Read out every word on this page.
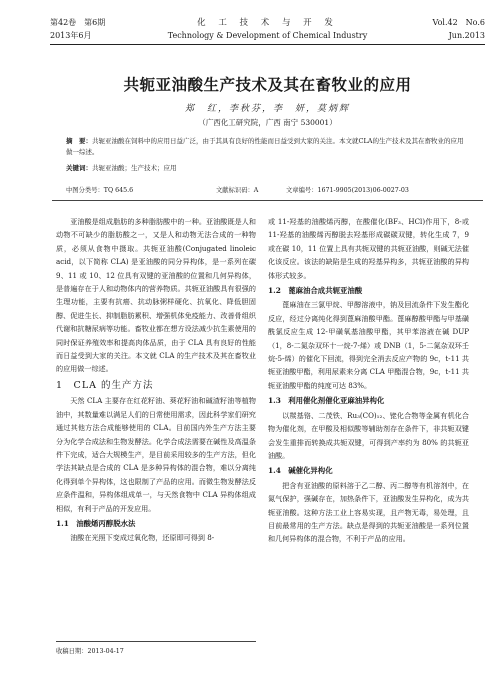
第42卷　第6期	化 工 技 术 与 开 发	Vol.42　No.6
2013年6月	Technology & Development of Chemical Industry	Jun.2013
共轭亚油酸生产技术及其在畜牧业的应用
郑　红，李秋芬，李　妍，莫炳辉
（广西化工研究院，广西 南宁 530001）
摘　要：共轭亚油酸在饲料中的应用日益广泛，由于其具有良好的性能而日益受到大家的关注。本文就CLA的生产技术及其在畜牧业的应用做一综述。
关键词：共轭亚油酸；生产技术；应用
中图分类号：TQ 645.6	文献标识码：A	文章编号：1671-9905(2013)06-0027-03

亚油酸是组成脂肪的多种脂肪酸中的一种。亚油酸既是人和动物不可缺少的脂肪酸之一，又是人和动物无法合成的一种物质，必须从食物中摄取。共轭亚油酸(Conjugated linoleic acid，以下简称 CLA) 是亚油酸的同分异构体，是一系列在碳 9、11 或 10、12 位具有双键的亚油酸的位置和几何异构体，是普遍存在于人和动物体内的营养物质。共轭亚油酸具有很强的生理功能，主要有抗癌、抗动脉粥样硬化、抗氧化、降低胆固醇、促进生长、抑制脂肪累积、增强机体免疫能力、改善骨组织代谢和抗糖尿病等功能。畜牧业都在想方设法减少抗生素使用的同时保证养殖效率和提高肉体品质，由于 CLA 具有良好的性能而日益受到大家的关注。本文就 CLA 的生产技术及其在畜牧业的应用做一综述。

1　CLA 的生产方法

天然 CLA 主要存在红花籽油、葵花籽油和碱渣籽油等植物油中，其数量难以满足人们的日常使用需求，因此科学家们研究通过其他方法合成能够使用的 CLA。目前国内外生产方法主要分为化学合成法和生物发酵法。化学合成法需要在碱性及高温条件下完成，适合大规模生产，是目前采用较多的生产方法，但化学法其缺点是合成的 CLA 是多种异构体的混合物，难以分离纯化得到单个异构体，这也限制了产品的应用。而微生物发酵法反应条件温和，异构体组成单一，与天然食物中 CLA 异构体组成相似，有利于产品的开发应用。

1.1　油酸烯丙醇脱水法

油酸在光照下变成过氧化物，还原即可得到 8-

或 11-羟基的油酸烯丙醇，在酸催化(BF₃、HCl)作用下，8-或 11-羟基的油酸烯丙醇脱去羟基形成碳碳双键，转化生成 7，9 或在碳 10，11 位置上具有共轭双键的共轭亚油酸，则碱无法催化该反应。该法的缺陷是生成的羟基异构多，共轭亚油酸的异构体形式较多。

1.2　蓖麻油合成共轭亚油酸

蓖麻油在三氯甲烷、甲醇溶液中，钠及回流条件下发生酯化反应，经过分离纯化得到蓖麻油酸甲酯。蓖麻醇酸甲酯与甲基磺酰氯反应生成 12-甲磺氧基油酸甲酯，其甲苯溶液在碱 DUP（1，8-二氮杂双环十一烷-7-烯）或 DNB（1，5-二氮杂双环壬烷-5-烯）的催化下回流，得到完全消去反应产物的 9c，t-11 共轭亚油酸甲酯，利用尿素来分离 CLA 甲酯混合物，9c，t-11 共轭亚油酸甲酯的纯度可达 83%。

1.3　利用催化剂催化亚麻油异构化

以羰基铬、二茂铁、Ru₃(CO)₁₂、铑化合物等金属有机化合物为催化剂，在甲酸及相似酸等辅助剂存在条件下，非共轭双键会发生重排而转换成共轭双键，可得到产率约为 80% 的共轭亚油酸。

1.4　碱催化异构化

把含有亚油酸的原料溶于乙二醇、丙二醇等有机溶剂中，在氮气保护，强碱存在，加热条件下，亚油酸发生异构化，成为共轭亚油酸。这种方法工业上容易实现，且产物无毒，易处理，且目前最常用的生产方法。缺点是得到的共轭亚油酸是一系列位置和几何异构体的混合物，不利于产品的应用。

收稿日期：2013-04-17
